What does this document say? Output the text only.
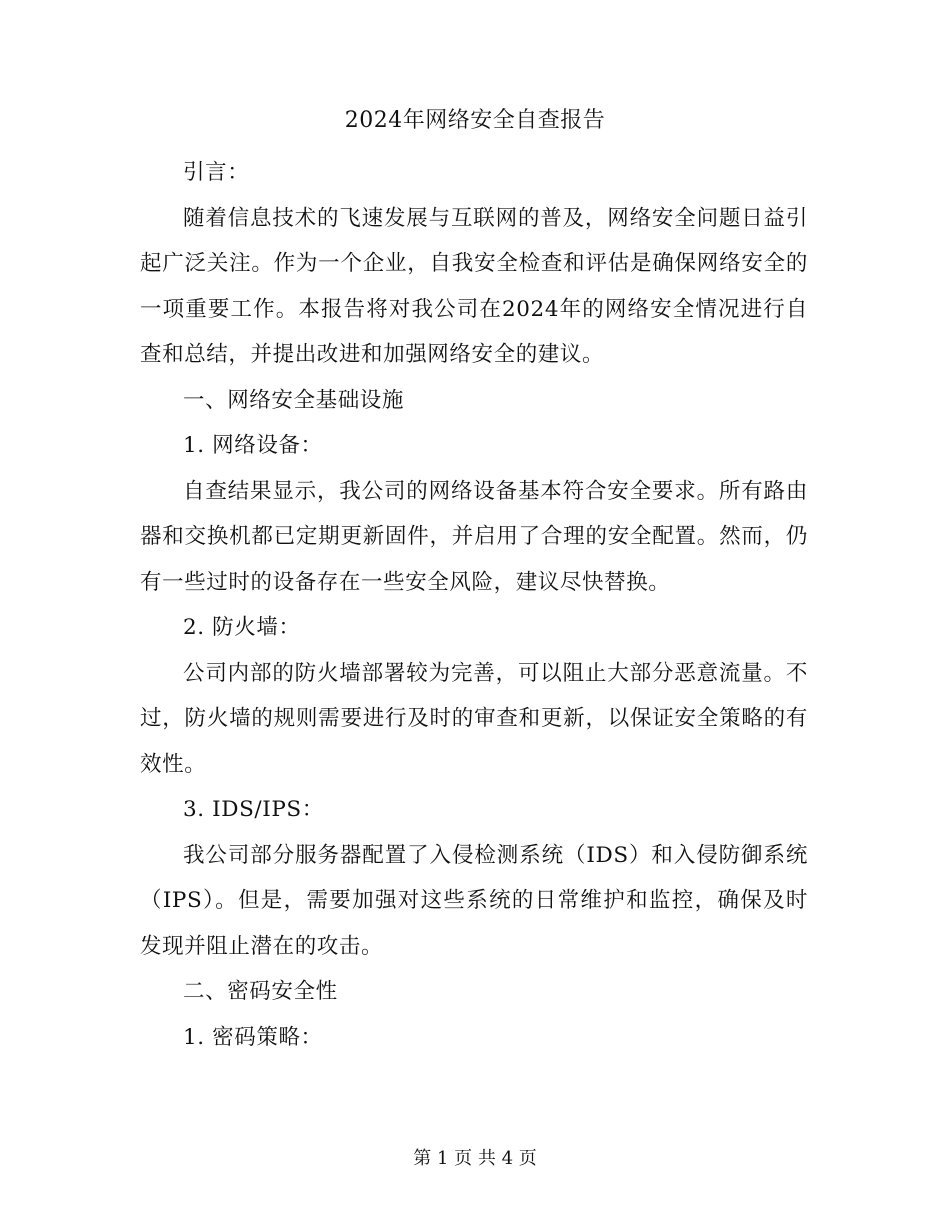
2024年网络安全自查报告

引言：

随着信息技术的飞速发展与互联网的普及，网络安全问题日益引起广泛关注。作为一个企业，自我安全检查和评估是确保网络安全的一项重要工作。本报告将对我公司在2024年的网络安全情况进行自查和总结，并提出改进和加强网络安全的建议。

一、网络安全基础设施

1. 网络设备：

自查结果显示，我公司的网络设备基本符合安全要求。所有路由器和交换机都已定期更新固件，并启用了合理的安全配置。然而，仍有一些过时的设备存在一些安全风险，建议尽快替换。

2. 防火墙：

公司内部的防火墙部署较为完善，可以阻止大部分恶意流量。不过，防火墙的规则需要进行及时的审查和更新，以保证安全策略的有效性。

3. IDS/IPS：

我公司部分服务器配置了入侵检测系统（IDS）和入侵防御系统（IPS）。但是，需要加强对这些系统的日常维护和监控，确保及时发现并阻止潜在的攻击。

二、密码安全性

1. 密码策略：

第 1 页 共 4 页
